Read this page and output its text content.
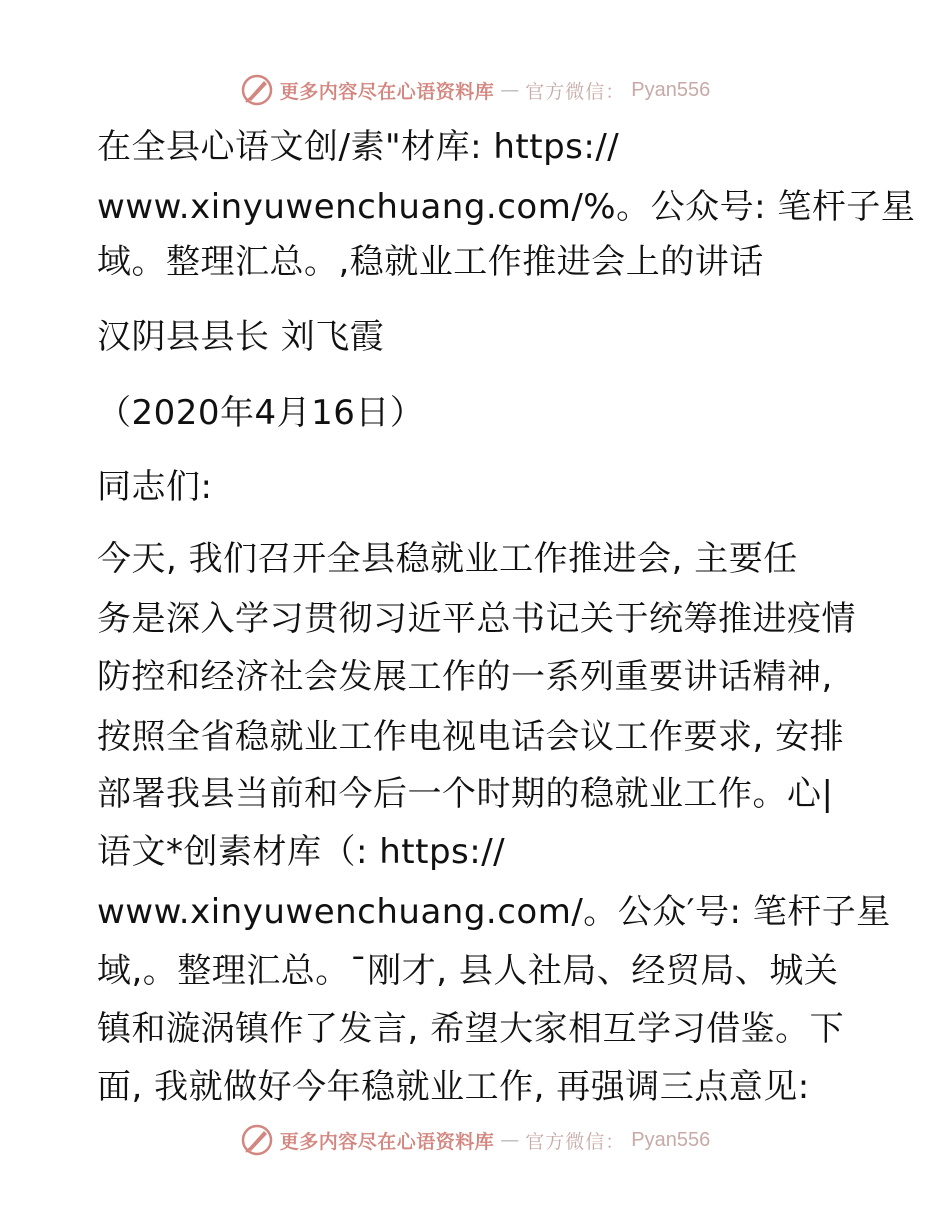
更多内容尽在心语资料库 — 官方微信： Pyan556
在全县心语文创/素"材库: https://
www.xinyuwenchuang.com/%。公众号: 笔杆子星
域。整理汇总。,稳就业工作推进会上的讲话
汉阴县县长 刘飞霞
（2020年4月16日）
同志们:
今天, 我们召开全县稳就业工作推进会, 主要任
务是深入学习贯彻习近平总书记关于统筹推进疫情
防控和经济社会发展工作的一系列重要讲话精神,
按照全省稳就业工作电视电话会议工作要求, 安排
部署我县当前和今后一个时期的稳就业工作。心|
语文*创素材库（: https://
www.xinyuwenchuang.com/。公众′号: 笔杆子星
域,。整理汇总。¯刚才, 县人社局、经贸局、城关
镇和漩涡镇作了发言, 希望大家相互学习借鉴。下
面, 我就做好今年稳就业工作, 再强调三点意见:
更多内容尽在心语资料库 — 官方微信： Pyan556
